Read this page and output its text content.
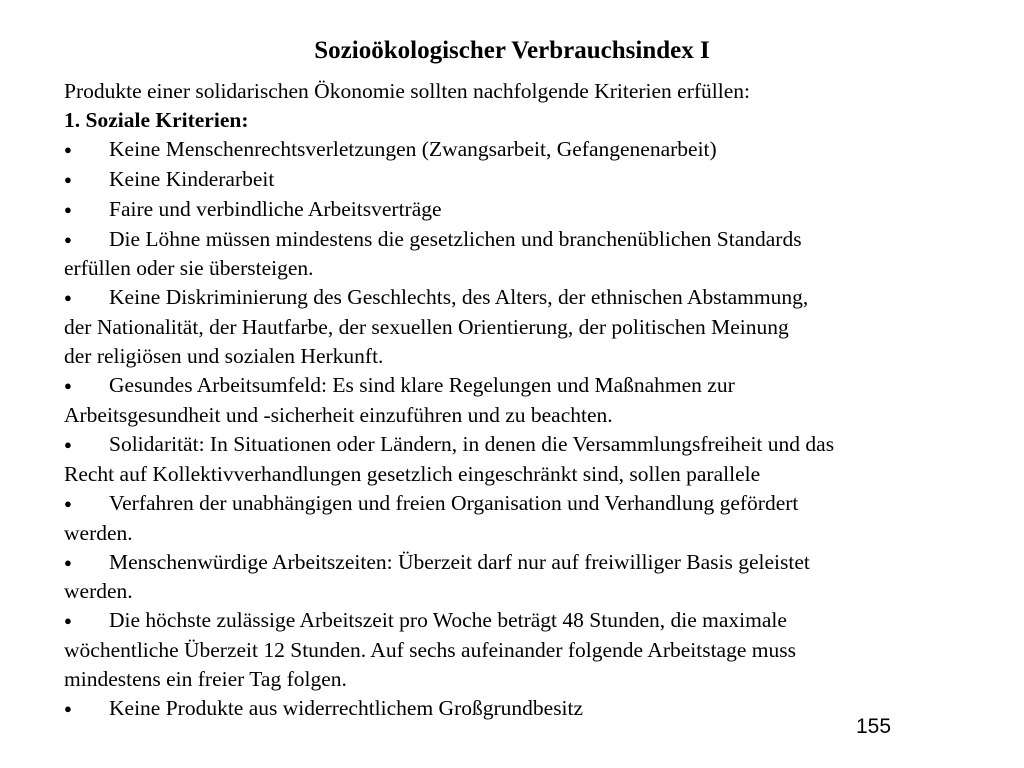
Sozioökologischer Verbrauchsindex I

Produkte einer solidarischen Ökonomie sollten nachfolgende Kriterien erfüllen:

1. Soziale Kriterien:

● Keine Menschenrechtsverletzungen (Zwangsarbeit, Gefangenenarbeit)
● Keine Kinderarbeit
● Faire und verbindliche Arbeitsverträge
● Die Löhne müssen mindestens die gesetzlichen und branchenüblichen Standards
erfüllen oder sie übersteigen.
● Keine Diskriminierung des Geschlechts, des Alters, der ethnischen Abstammung,
der Nationalität, der Hautfarbe, der sexuellen Orientierung, der politischen Meinung
der religiösen und sozialen Herkunft.
● Gesundes Arbeitsumfeld: Es sind klare Regelungen und Maßnahmen zur
Arbeitsgesundheit und -sicherheit einzuführen und zu beachten.
● Solidarität: In Situationen oder Ländern, in denen die Versammlungsfreiheit und das
Recht auf Kollektivverhandlungen gesetzlich eingeschränkt sind, sollen parallele
● Verfahren der unabhängigen und freien Organisation und Verhandlung gefördert
werden.
● Menschenwürdige Arbeitszeiten: Überzeit darf nur auf freiwilliger Basis geleistet
werden.
● Die höchste zulässige Arbeitszeit pro Woche beträgt 48 Stunden, die maximale
wöchentliche Überzeit 12 Stunden. Auf sechs aufeinander folgende Arbeitstage muss
mindestens ein freier Tag folgen.
● Keine Produkte aus widerrechtlichem Großgrundbesitz
155
